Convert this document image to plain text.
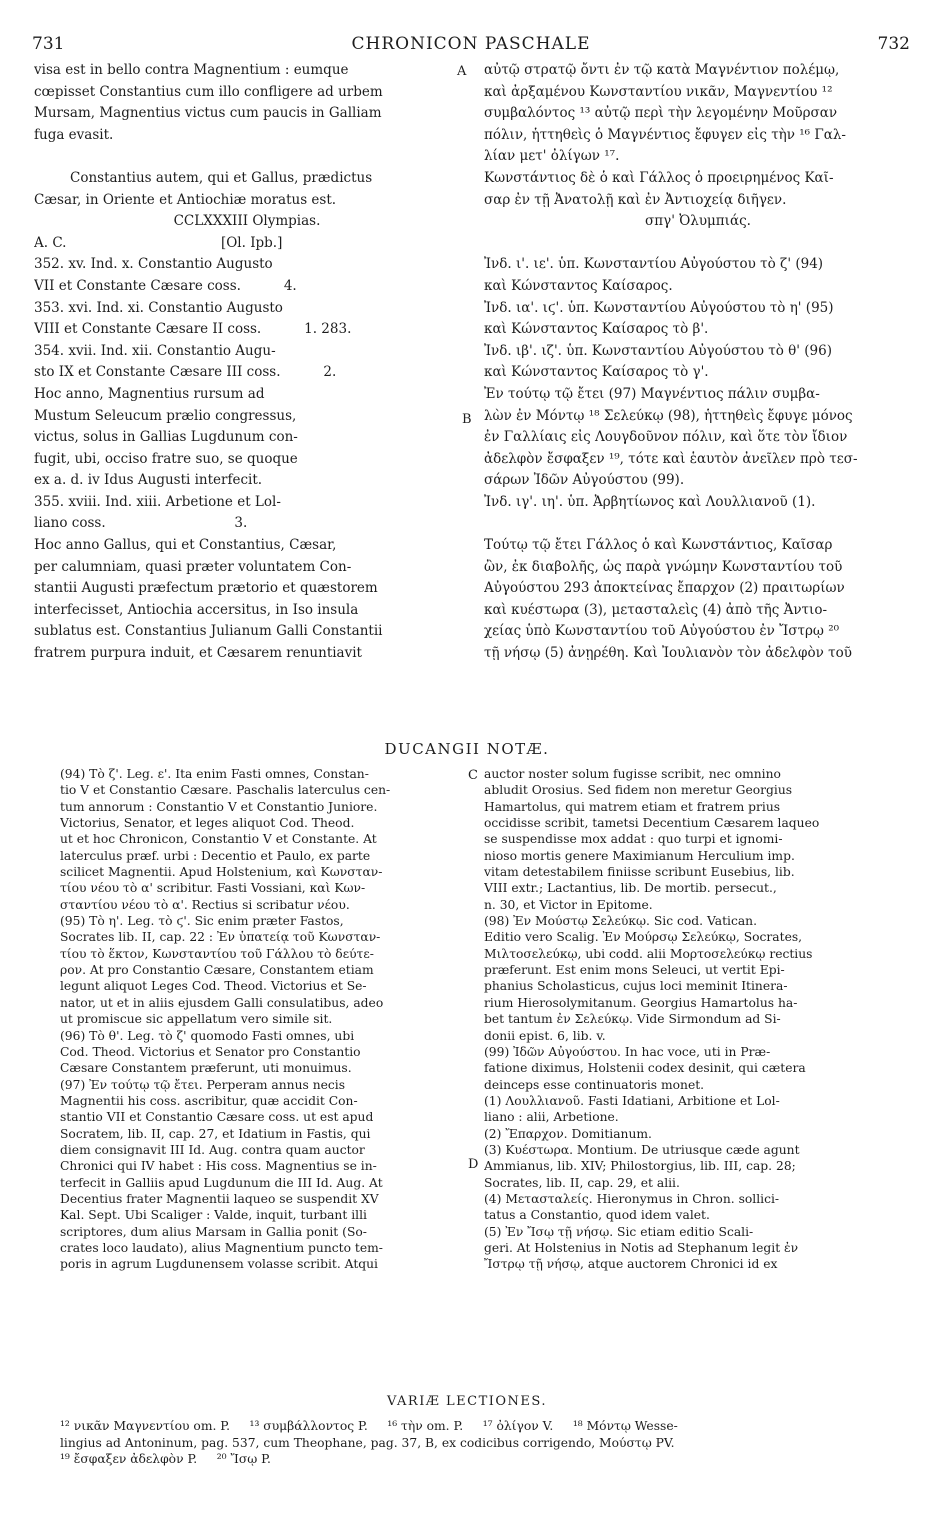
731	CHRONICON PASCHALE	732
A
B
C
D
visa est in bello contra Magnentium : eumque
cœpisset Constantius cum illo confligere ad urbem
Mursam, Magnentius victus cum paucis in Galliam
fuga evasit.
Constantius autem, qui et Gallus, prædictus
Cæsar, in Oriente et Antiochiæ moratus est.
CCLXXXIII Olympias.
A. C.                                    [Ol. Ipb.]
352. xv. Ind. x. Constantio Augusto
VII et Constante Cæsare coss.          4.
353. xvi. Ind. xi. Constantio Augusto
VIII et Constante Cæsare II coss.          1. 283.
354. xvii. Ind. xii. Constantio Augu-
sto IX et Constante Cæsare III coss.          2.
Hoc anno, Magnentius rursum ad
Mustum Seleucum prælio congressus,
victus, solus in Gallias Lugdunum con-
fugit, ubi, occiso fratre suo, se quoque
ex a. d. iv Idus Augusti interfecit.
355. xviii. Ind. xiii. Arbetione et Lol-
liano coss.                              3.
Hoc anno Gallus, qui et Constantius, Cæsar,
per calumniam, quasi præter voluntatem Con-
stantii Augusti præfectum prætorio et quæstorem
interfecisset, Antiochia accersitus, in Iso insula
sublatus est. Constantius Julianum Galli Constantii
fratrem purpura induit, et Cæsarem renuntiavit
αὐτῷ στρατῷ ὄντι ἐν τῷ κατὰ Μαγνέντιον πολέμῳ,
καὶ ἀρξαμένου Κωνσταντίου νικᾶν, Μαγνεντίου ¹²
συμβαλόντος ¹³ αὐτῷ περὶ τὴν λεγομένην Μοῦρσαν
πόλιν, ἡττηθεὶς ὁ Μαγνέντιος ἔφυγεν εἰς τὴν ¹⁶ Γαλ-
λίαν μετ' ὀλίγων ¹⁷.
Κωνστάντιος δὲ ὁ καὶ Γάλλος ὁ προειρημένος Καῖ-
σαρ ἐν τῇ Ἀνατολῇ καὶ ἐν Ἀντιοχείᾳ διῆγεν.
σπγ' Ὀλυμπιάς.
Ἰνδ. ι'. ιε'. ὑπ. Κωνσταντίου Αὐγούστου τὸ ζ' (94)
καὶ Κώνσταντος Καίσαρος.
Ἰνδ. ια'. ιϛ'. ὑπ. Κωνσταντίου Αὐγούστου τὸ η' (95)
καὶ Κώνσταντος Καίσαρος τὸ β'.
Ἰνδ. ιβ'. ιζ'. ὑπ. Κωνσταντίου Αὐγούστου τὸ θ' (96)
καὶ Κώνσταντος Καίσαρος τὸ γ'.
Ἐν τούτῳ τῷ ἔτει (97) Μαγνέντιος πάλιν συμβα-
λὼν ἐν Μόντῳ ¹⁸ Σελεύκῳ (98), ἡττηθεὶς ἔφυγε μόνος
ἐν Γαλλίαις εἰς Λουγδοῦνον πόλιν, καὶ ὅτε τὸν ἴδιον
ἀδελφὸν ἔσφαξεν ¹⁹, τότε καὶ ἑαυτὸν ἀνεῖλεν πρὸ τεσ-
σάρων Ἰδῶν Αὐγούστου (99).
Ἰνδ. ιγ'. ιη'. ὑπ. Ἀρβητίωνος καὶ Λουλλιανοῦ (1).
Τούτῳ τῷ ἔτει Γάλλος ὁ καὶ Κωνστάντιος, Καῖσαρ
ὢν, ἐκ διαβολῆς, ὡς παρὰ γνώμην Κωνσταντίου τοῦ
Αὐγούστου 293 ἀποκτείνας ἔπαρχον (2) πραιτωρίων
καὶ κυέστωρα (3), μετασταλεὶς (4) ἀπὸ τῆς Ἀντιο-
χείας ὑπὸ Κωνσταντίου τοῦ Αὐγούστου ἐν Ἴστρῳ ²⁰
τῇ νήσῳ (5) ἀνῃρέθη. Καὶ Ἰουλιανὸν τὸν ἀδελφὸν τοῦ
DUCANGII NOTÆ.
(94) Τὸ ζ'. Leg. ε'. Ita enim Fasti omnes, Constan-
tio V et Constantio Cæsare. Paschalis laterculus cen-
tum annorum : Constantio V et Constantio Juniore.
Victorius, Senator, et leges aliquot Cod. Theod.
ut et hoc Chronicon, Constantio V et Constante. At
laterculus præf. urbi : Decentio et Paulo, ex parte
scilicet Magnentii. Apud Holstenium, καὶ Κωνσταν-
τίου νέου τὸ α' scribitur. Fasti Vossiani, καὶ Κων-
σταντίου νέου τὸ α'. Rectius si scribatur νέου.
(95) Τὸ η'. Leg. τὸ ϛ'. Sic enim præter Fastos,
Socrates lib. II, cap. 22 : Ἐν ὑπατείᾳ τοῦ Κωνσταν-
τίου τὸ ἕκτον, Κωνσταντίου τοῦ Γάλλου τὸ δεύτε-
ρον. At pro Constantio Cæsare, Constantem etiam
legunt aliquot Leges Cod. Theod. Victorius et Se-
nator, ut et in aliis ejusdem Galli consulatibus, adeo
ut promiscue sic appellatum vero simile sit.
(96) Τὸ θ'. Leg. τὸ ζ' quomodo Fasti omnes, ubi
Cod. Theod. Victorius et Senator pro Constantio
Cæsare Constantem præferunt, uti monuimus.
(97) Ἐν τούτῳ τῷ ἔτει. Perperam annus necis
Magnentii his coss. ascribitur, quæ accidit Con-
stantio VII et Constantio Cæsare coss. ut est apud
Socratem, lib. II, cap. 27, et Idatium in Fastis, qui
diem consignavit III Id. Aug. contra quam auctor
Chronici qui IV habet : His coss. Magnentius se in-
terfecit in Galliis apud Lugdunum die III Id. Aug. At
Decentius frater Magnentii laqueo se suspendit XV
Kal. Sept. Ubi Scaliger : Valde, inquit, turbant illi
scriptores, dum alius Marsam in Gallia ponit (So-
crates loco laudato), alius Magnentium puncto tem-
poris in agrum Lugdunensem volasse scribit. Atqui
auctor noster solum fugisse scribit, nec omnino
abludit Orosius. Sed fidem non meretur Georgius
Hamartolus, qui matrem etiam et fratrem prius
occidisse scribit, tametsi Decentium Cæsarem laqueo
se suspendisse mox addat : quo turpi et ignomi-
nioso mortis genere Maximianum Herculium imp.
vitam detestabilem finiisse scribunt Eusebius, lib.
VIII extr.; Lactantius, lib. De mortib. persecut.,
n. 30, et Victor in Epitome.
(98) Ἐν Μούστῳ Σελεύκῳ. Sic cod. Vatican.
Editio vero Scalig. Ἐν Μούρσῳ Σελεύκῳ, Socrates,
Μιλτοσελεύκῳ, ubi codd. alii Μορτοσελεύκῳ rectius
præferunt. Est enim mons Seleuci, ut vertit Epi-
phanius Scholasticus, cujus loci meminit Itinera-
rium Hierosolymitanum. Georgius Hamartolus ha-
bet tantum ἐν Σελεύκῳ. Vide Sirmondum ad Si-
donii epist. 6, lib. v.
(99) Ἰδῶν Αὐγούστου. In hac voce, uti in Præ-
fatione diximus, Holstenii codex desinit, qui cætera
deinceps esse continuatoris monet.
(1) Λουλλιανοῦ. Fasti Idatiani, Arbitione et Lol-
liano : alii, Arbetione.
(2) Ἔπαρχον. Domitianum.
(3) Κυέστωρα. Montium. De utriusque cæde agunt
Ammianus, lib. XIV; Philostorgius, lib. III, cap. 28;
Socrates, lib. II, cap. 29, et alii.
(4) Μετασταλείς. Hieronymus in Chron. sollici-
tatus a Constantio, quod idem valet.
(5) Ἐν Ἴσῳ τῇ νήσῳ. Sic etiam editio Scali-
geri. At Holstenius in Notis ad Stephanum legit ἐν
Ἴστρῳ τῇ νήσῳ, atque auctorem Chronici id ex
VARIÆ LECTIONES.
¹² νικᾶν Μαγνεντίου om. P.     ¹³ συμβάλλοντος P.     ¹⁶ τὴν om. P.     ¹⁷ ὀλίγον V.     ¹⁸ Μόντῳ Wesse-
lingius ad Antoninum, pag. 537, cum Theophane, pag. 37, B, ex codicibus corrigendo, Μούστῳ PV.
¹⁹ ἔσφαξεν ἀδελφὸν P.     ²⁰ Ἴσῳ P.
